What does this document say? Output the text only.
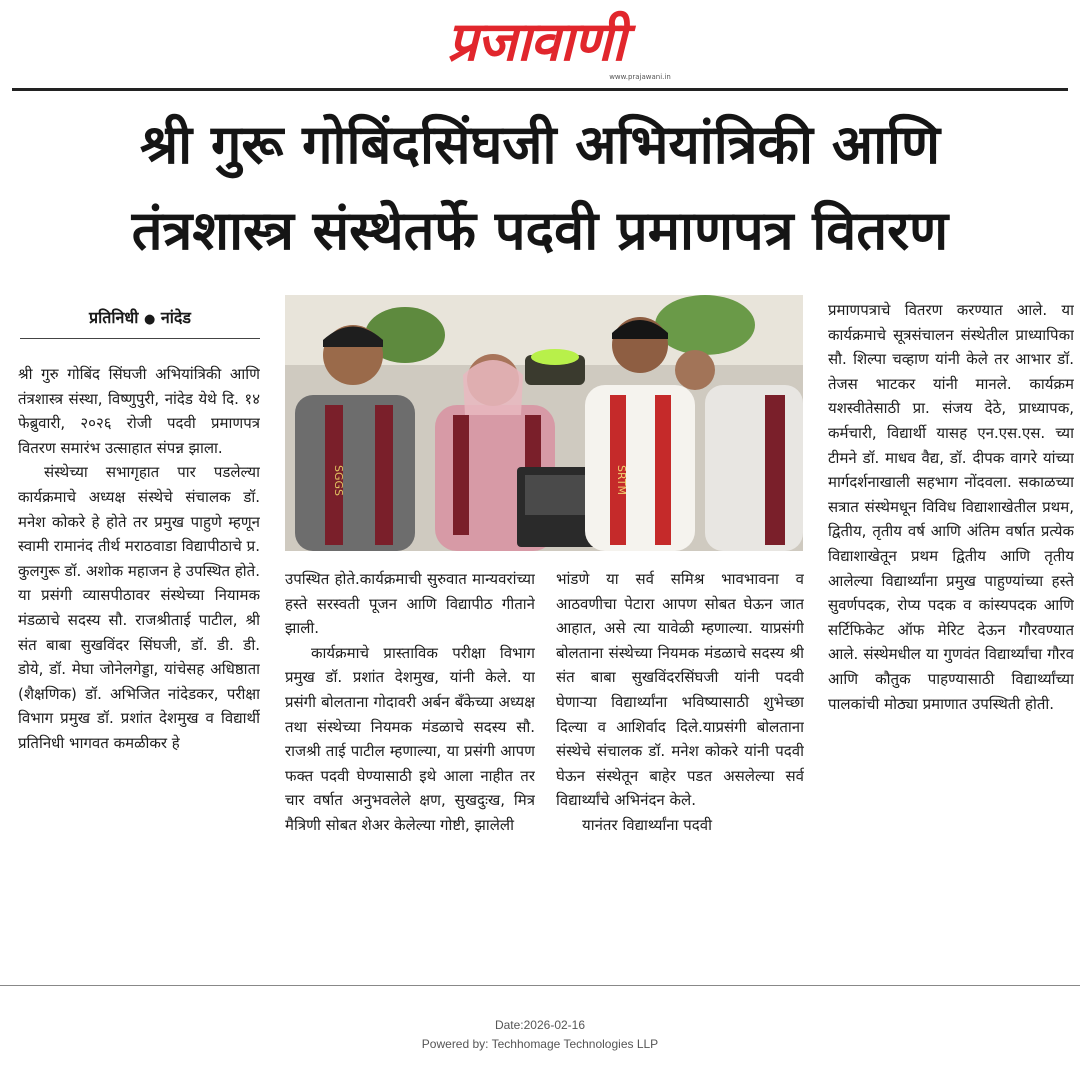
प्रजावाणी
www.prajawani.in
श्री गुरू गोबिंदसिंघजी अभियांत्रिकी आणि
तंत्रशास्त्र संस्थेतर्फे पदवी प्रमाणपत्र वितरण
प्रतिनिधी ● नांदेड
SGGS	SRTM

श्री गुरु गोबिंद सिंघजी अभियांत्रिकी आणि तंत्रशास्त्र संस्था, विष्णुपुरी, नांदेड येथे दि. १४ फेब्रुवारी, २०२६ रोजी पदवी प्रमाणपत्र वितरण समारंभ उत्साहात संपन्न झाला.

संस्थेच्या सभागृहात पार पडलेल्या कार्यक्रमाचे अध्यक्ष संस्थेचे संचालक डॉ. मनेश कोकरे हे होते तर प्रमुख पाहुणे म्हणून स्वामी रामानंद तीर्थ मराठवाडा विद्यापीठाचे प्र. कुलगुरू डॉ. अशोक महाजन हे उपस्थित होते. या प्रसंगी व्यासपीठावर संस्थेच्या नियामक मंडळाचे सदस्य सौ. राजश्रीताई पाटील, श्री संत बाबा सुखविंदर सिंघजी, डॉ. डी. डी. डोये, डॉ. मेघा जोनेलगेड्डा, यांचेसह अधिष्ठाता (शैक्षणिक) डॉ. अभिजित नांदेडकर, परीक्षा विभाग प्रमुख डॉ. प्रशांत देशमुख व विद्यार्थी प्रतिनिधी भागवत कमळीकर हे

उपस्थित होते.कार्यक्रमाची सुरुवात मान्यवरांच्या हस्ते सरस्वती पूजन आणि विद्यापीठ गीताने झाली.

कार्यक्रमाचे प्रास्ताविक परीक्षा विभाग प्रमुख डॉ. प्रशांत देशमुख, यांनी केले. या प्रसंगी बोलताना गोदावरी अर्बन बँकेच्या अध्यक्ष तथा संस्थेच्या नियमक मंडळाचे सदस्य सौ. राजश्री ताई पाटील म्हणाल्या, या प्रसंगी आपण फक्त पदवी घेण्यासाठी इथे आला नाहीत तर चार वर्षात अनुभवलेले क्षण, सुखदुःख, मित्र मैत्रिणी सोबत शेअर केलेल्या गोष्टी, झालेली

भांडणे या सर्व समिश्र भावभावना व आठवणीचा पेटारा आपण सोबत घेऊन जात आहात, असे त्या यावेळी म्हणाल्या. याप्रसंगी बोलताना संस्थेच्या नियमक मंडळाचे सदस्य श्री संत बाबा सुखविंदरसिंघजी यांनी पदवी घेणाऱ्या विद्यार्थ्यांना भविष्यासाठी शुभेच्छा दिल्या व आशिर्वाद दिले.याप्रसंगी बोलताना संस्थेचे संचालक डॉ. मनेश कोकरे यांनी पदवी घेऊन संस्थेतून बाहेर पडत असलेल्या सर्व विद्यार्थ्यांचे अभिनंदन केले.

यानंतर विद्यार्थ्यांना पदवी

प्रमाणपत्राचे वितरण करण्यात आले. या कार्यक्रमाचे सूत्रसंचालन संस्थेतील प्राध्यापिका सौ. शिल्पा चव्हाण यांनी केले तर आभार डॉ. तेजस भाटकर यांनी मानले. कार्यक्रम यशस्वीतेसाठी प्रा. संजय देठे, प्राध्यापक, कर्मचारी, विद्यार्थी यासह एन.एस.एस. च्या टीमने डॉ. माधव वैद्य, डॉ. दीपक वागरे यांच्या मार्गदर्शनाखाली सहभाग नोंदवला. सकाळच्या सत्रात संस्थेमधून विविध विद्याशाखेतील प्रथम, द्वितीय, तृतीय वर्ष आणि अंतिम वर्षात प्रत्येक विद्याशाखेतून प्रथम द्वितीय आणि तृतीय आलेल्या विद्यार्थ्यांना प्रमुख पाहुण्यांच्या हस्ते सुवर्णपदक, रोप्य पदक व कांस्यपदक आणि सर्टिफिकेट ऑफ मेरिट देऊन गौरवण्यात आले. संस्थेमधील या गुणवंत विद्यार्थ्यांचा गौरव आणि कौतुक पाहण्यासाठी विद्यार्थ्यांच्या पालकांची मोठ्या प्रमाणात उपस्थिती होती.

Date:2026-02-16
Powered by: Techhomage Technologies LLP
